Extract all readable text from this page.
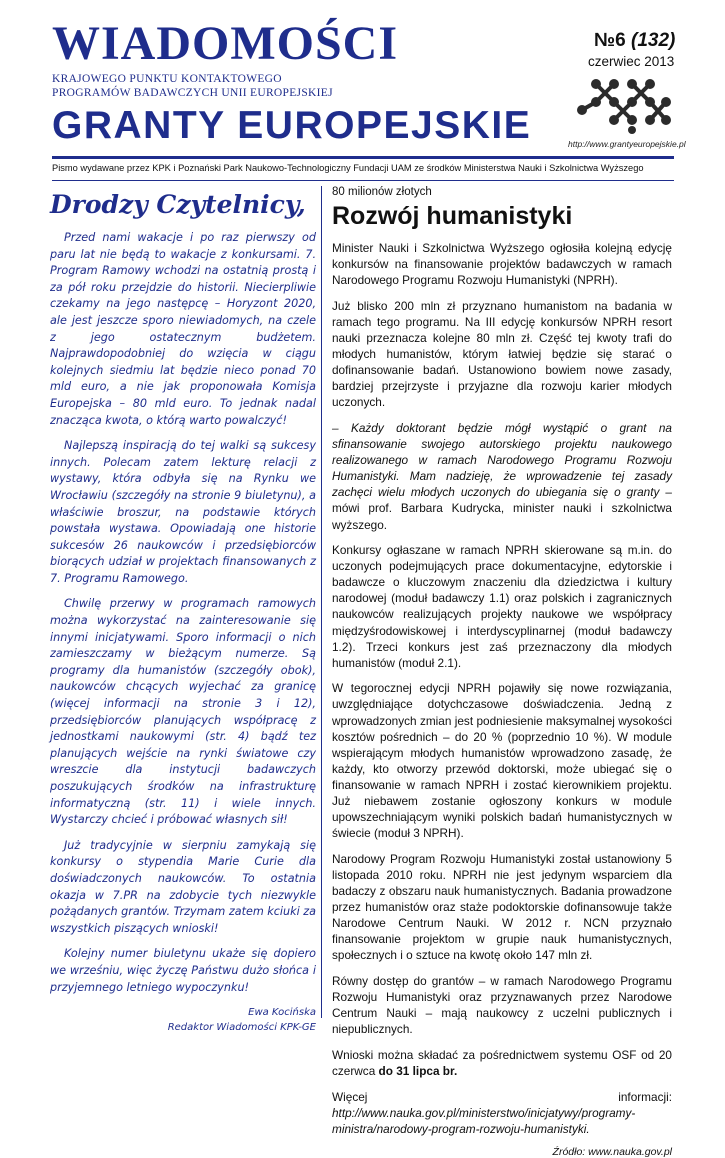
WIADOMOŚCI
KRAJOWEGO PUNKTU KONTAKTOWEGO
PROGRAMÓW BADAWCZYCH UNII EUROPEJSKIEJ
№6 (132)
czerwiec 2013
http://www.grantyeuropejskie.pl
GRANTY EUROPEJSKIE
Pismo wydawane przez KPK i Poznański Park Naukowo-Technologiczny Fundacji UAM ze środków Ministerstwa Nauki i Szkolnictwa Wyższego
Drodzy Czytelnicy,

Przed nami wakacje i po raz pierwszy od paru lat nie będą to wakacje z konkursami. 7. Program Ramowy wchodzi na ostatnią prostą i za pół roku przejdzie do historii. Niecierpliwie czekamy na jego następcę – Horyzont 2020, ale jest jeszcze sporo niewiadomych, na czele z jego ostatecznym budżetem. Najprawdopodobniej do wzięcia w ciągu kolejnych siedmiu lat będzie nieco ponad 70 mld euro, a nie jak proponowała Komisja Europejska – 80 mld euro. To jednak nadal znacząca kwota, o którą warto powalczyć!

Najlepszą inspiracją do tej walki są sukcesy innych. Polecam zatem lekturę relacji z wystawy, która odbyła się na Rynku we Wrocławiu (szczegóły na stronie 9 biuletynu), a właściwie broszur, na podstawie których powstała wystawa. Opowiadają one historie sukcesów 26 naukowców i przedsiębiorców biorących udział w projektach finansowanych z 7. Programu Ramowego.

Chwilę przerwy w programach ramowych można wykorzystać na zainteresowanie się innymi inicjatywami. Sporo informacji o nich zamieszczamy w bieżącym numerze. Są programy dla humanistów (szczegóły obok), naukowców chcących wyjechać za granicę (więcej informacji na stronie 3 i 12), przedsiębiorców planujących współpracę z jednostkami naukowymi (str. 4) bądź tez planujących wejście na rynki światowe czy wreszcie dla instytucji badawczych poszukujących środków na infrastrukturę informatyczną (str. 11) i wiele innych. Wystarczy chcieć i próbować własnych sił!

Już tradycyjnie w sierpniu zamykają się konkursy o stypendia Marie Curie dla doświadczonych naukowców. To ostatnia okazja w 7.PR na zdobycie tych niezwykle pożądanych grantów. Trzymam zatem kciuki za wszystkich piszących wnioski!

Kolejny numer biuletynu ukaże się dopiero we wrześniu, więc życzę Państwu dużo słońca i przyjemnego letniego wypoczynku!

Ewa Kocińska
Redaktor Wiadomości KPK-GE
80 milionów złotych
Rozwój humanistyki

Minister Nauki i Szkolnictwa Wyższego ogłosiła kolejną edycję konkursów na finansowanie projektów badawczych w ramach Narodowego Programu Rozwoju Humanistyki (NPRH).

Już blisko 200 mln zł przyznano humanistom na badania w ramach tego programu. Na III edycję konkursów NPRH resort nauki przeznacza kolejne 80 mln zł. Część tej kwoty trafi do młodych humanistów, którym łatwiej będzie się starać o dofinansowanie badań. Ustanowiono bowiem nowe zasady, bardziej przejrzyste i przyjazne dla rozwoju karier młodych uczonych.

– Każdy doktorant będzie mógł wystąpić o grant na sfinansowanie swojego autorskiego projektu naukowego realizowanego w ramach Narodowego Programu Rozwoju Humanistyki. Mam nadzieję, że wprowadzenie tej zasady zachęci wielu młodych uczonych do ubiegania się o granty – mówi prof. Barbara Kudrycka, minister nauki i szkolnictwa wyższego.

Konkursy ogłaszane w ramach NPRH skierowane są m.in. do uczonych podejmujących prace dokumentacyjne, edytorskie i badawcze o kluczowym znaczeniu dla dziedzictwa i kultury narodowej (moduł badawczy 1.1) oraz polskich i zagranicznych naukowców realizujących projekty naukowe we współpracy międzyśrodowiskowej i interdyscyplinarnej (moduł badawczy 1.2). Trzeci konkurs jest zaś przeznaczony dla młodych humanistów (moduł 2.1).

W tegorocznej edycji NPRH pojawiły się nowe rozwiązania, uwzględniające dotychczasowe doświadczenia. Jedną z wprowadzonych zmian jest podniesienie maksymalnej wysokości kosztów pośrednich – do 20 % (poprzednio 10 %). W module wspierającym młodych humanistów wprowadzono zasadę, że każdy, kto otworzy przewód doktorski, może ubiegać się o finansowanie w ramach NPRH i zostać kierownikiem projektu. Już niebawem zostanie ogłoszony konkurs w module upowszechniającym wyniki polskich badań humanistycznych w świecie (moduł 3 NPRH).

Narodowy Program Rozwoju Humanistyki został ustanowiony 5 listopada 2010 roku. NPRH nie jest jedynym wsparciem dla badaczy z obszaru nauk humanistycznych. Badania prowadzone przez humanistów oraz staże podoktorskie dofinansowuje także Narodowe Centrum Nauki. W 2012 r. NCN przyznało finansowanie projektom w grupie nauk humanistycznych, społecznych i o sztuce na kwotę około 147 mln zł.

Równy dostęp do grantów – w ramach Narodowego Programu Rozwoju Humanistyki oraz przyznawanych przez Narodowe Centrum Nauki – mają naukowcy z uczelni publicznych i niepublicznych.

Wnioski można składać za pośrednictwem systemu OSF od 20 czerwca do 31 lipca br.

Więcej informacji: http://www.nauka.gov.pl/ministerstwo/inicjatywy/programy-ministra/narodowy-program-rozwoju-humanistyki.

Źródło: www.nauka.gov.pl
